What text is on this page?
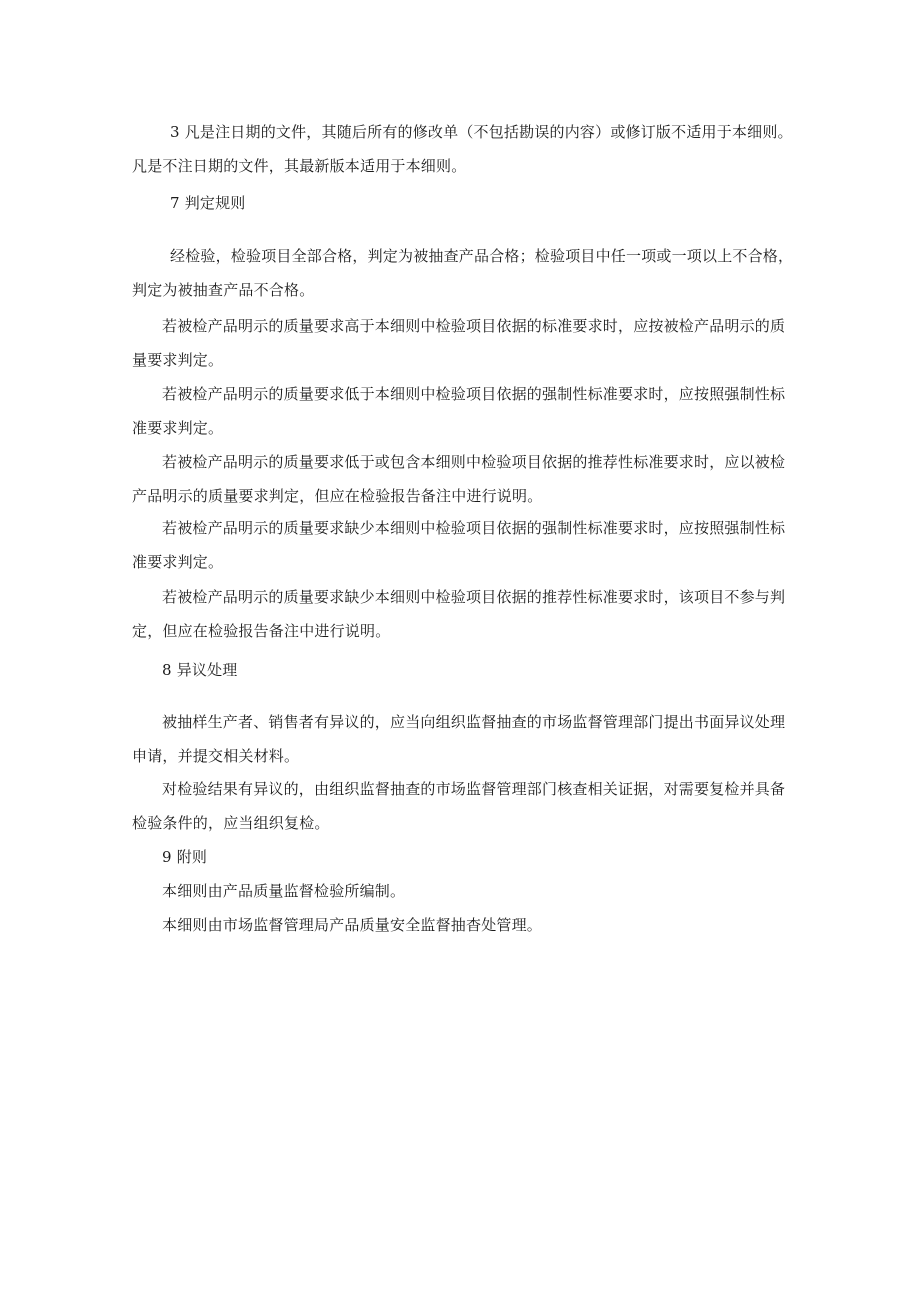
3 凡是注日期的文件，其随后所有的修改单（不包括勘误的内容）或修订版不适用于本细则。
凡是不注日期的文件，其最新版本适用于本细则。
7 判定规则
经检验，检验项目全部合格，判定为被抽查产品合格；检验项目中任一项或一项以上不合格，
判定为被抽查产品不合格。
若被检产品明示的质量要求高于本细则中检验项目依据的标准要求时，应按被检产品明示的质
量要求判定。
若被检产品明示的质量要求低于本细则中检验项目依据的强制性标准要求时，应按照强制性标
准要求判定。
若被检产品明示的质量要求低于或包含本细则中检验项目依据的推荐性标准要求时，应以被检
产品明示的质量要求判定，但应在检验报告备注中进行说明。
若被检产品明示的质量要求缺少本细则中检验项目依据的强制性标准要求时，应按照强制性标
准要求判定。
若被检产品明示的质量要求缺少本细则中检验项目依据的推荐性标准要求时，该项目不参与判
定，但应在检验报告备注中进行说明。
8 异议处理
被抽样生产者、销售者有异议的，应当向组织监督抽查的市场监督管理部门提出书面异议处理
申请，并提交相关材料。
对检验结果有异议的，由组织监督抽查的市场监督管理部门核查相关证据，对需要复检并具备
检验条件的，应当组织复检。
9 附则
本细则由产品质量监督检验所编制。
本细则由市场监督管理局产品质量安全监督抽杳处管理。
